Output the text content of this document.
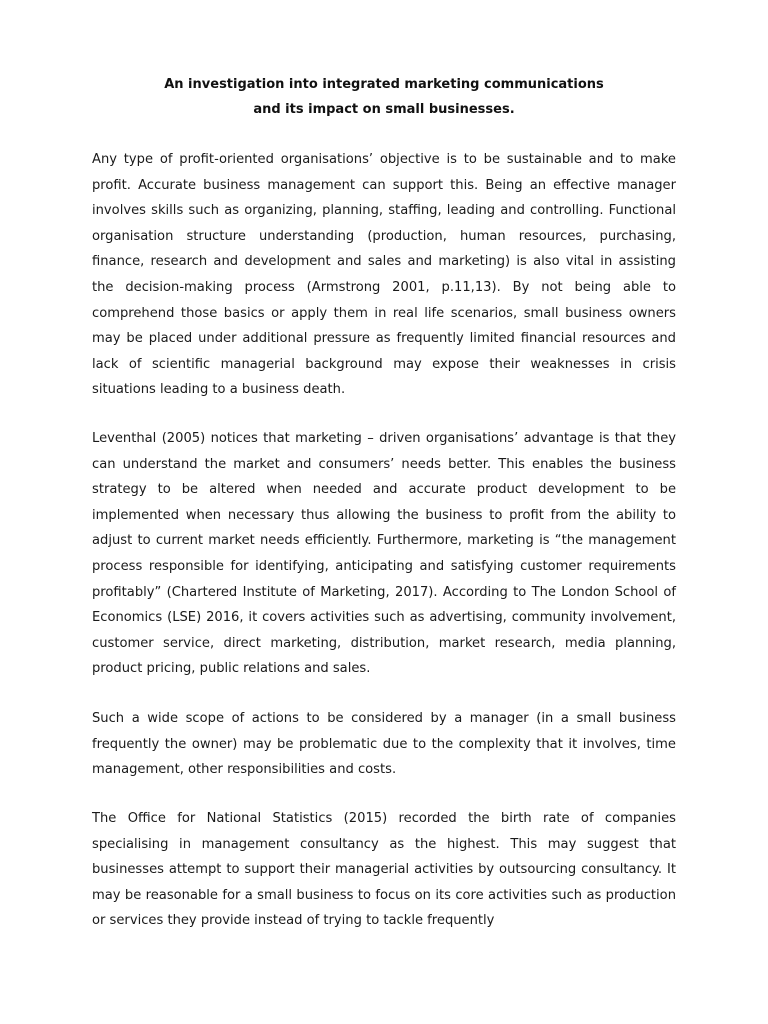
An investigation into integrated marketing communications
and its impact on small businesses.

Any type of profit-oriented organisations’ objective is to be sustainable and to make profit. Accurate business management can support this. Being an effective manager involves skills such as organizing, planning, staffing, leading and controlling. Functional organisation structure understanding (production, human resources, purchasing, finance, research and development and sales and marketing) is also vital in assisting the decision-making process (Armstrong 2001, p.11,13). By not being able to comprehend those basics or apply them in real life scenarios, small business owners may be placed under additional pressure as frequently limited financial resources and lack of scientific managerial background may expose their weaknesses in crisis situations leading to a business death.

Leventhal (2005) notices that marketing – driven organisations’ advantage is that they can understand the market and consumers’ needs better. This enables the business strategy to be altered when needed and accurate product development to be implemented when necessary thus allowing the business to profit from the ability to adjust to current market needs efficiently. Furthermore, marketing is “the management process responsible for identifying, anticipating and satisfying customer requirements profitably” (Chartered Institute of Marketing, 2017). According to The London School of Economics (LSE) 2016, it covers activities such as advertising, community involvement, customer service, direct marketing, distribution, market research, media planning, product pricing, public relations and sales.

Such a wide scope of actions to be considered by a manager (in a small business frequently the owner) may be problematic due to the complexity that it involves, time management, other responsibilities and costs.

The Office for National Statistics (2015) recorded the birth rate of companies specialising in management consultancy as the highest. This may suggest that businesses attempt to support their managerial activities by outsourcing consultancy. It may be reasonable for a small business to focus on its core activities such as production or services they provide instead of trying to tackle frequently
